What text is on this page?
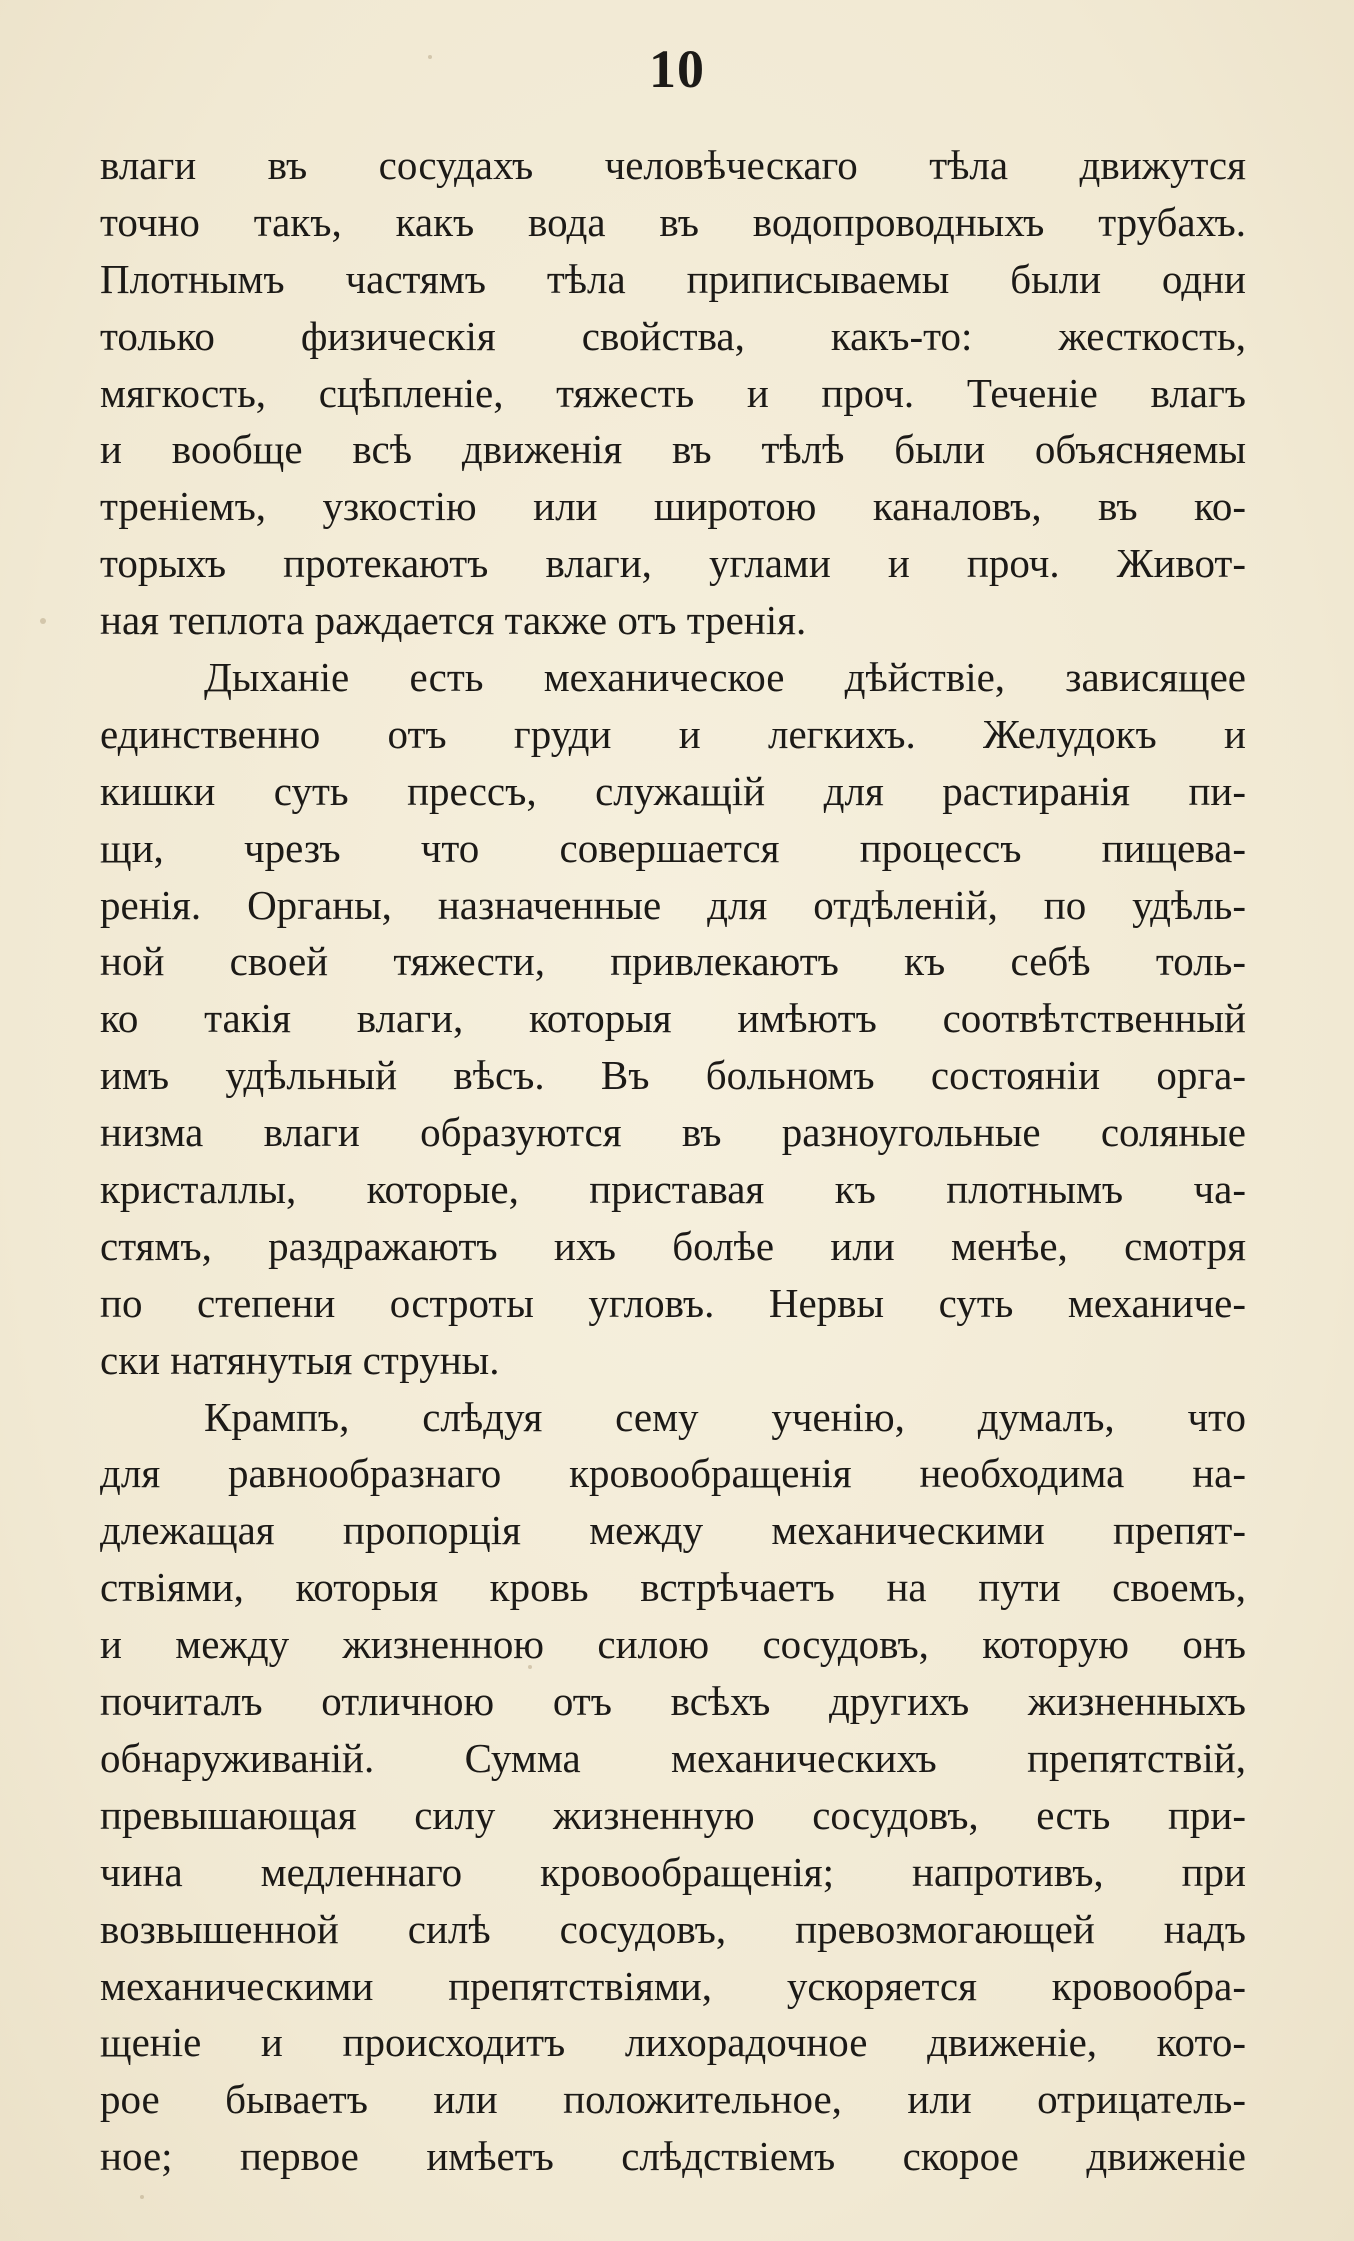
10
влаги въ сосудахъ человѣческаго тѣла движутся
точно такъ, какъ вода въ водопроводныхъ трубахъ.
Плотнымъ частямъ тѣла приписываемы были одни
только физическія свойства, какъ-то: жесткость,
мягкость, сцѣпленіе, тяжесть и проч. Теченіе влагъ
и вообще всѣ движенія въ тѣлѣ были объясняемы
треніемъ, узкостію или широтою каналовъ, въ ко-
торыхъ протекаютъ влаги, углами и проч. Живот-
ная теплота раждается также отъ тренія.
Дыханіе есть механическое дѣйствіе, зависящее
единственно отъ груди и легкихъ. Желудокъ и
кишки суть прессъ, служащій для растиранія пи-
щи, чрезъ что совершается процессъ пищева-
ренія. Органы, назначенные для отдѣленій, по удѣль-
ной своей тяжести, привлекаютъ къ себѣ толь-
ко такія влаги, которыя имѣютъ соотвѣтственный
имъ удѣльный вѣсъ. Въ больномъ состояніи орга-
низма влаги образуются въ разноугольные соляные
кристаллы, которые, приставая къ плотнымъ ча-
стямъ, раздражаютъ ихъ болѣе или менѣе, смотря
по степени остроты угловъ. Нервы суть механиче-
ски натянутыя струны.
Крампъ, слѣдуя сему ученію, думалъ, что
для равнообразнаго кровообращенія необходима на-
длежащая пропорція между механическими препят-
ствіями, которыя кровь встрѣчаетъ на пути своемъ,
и между жизненною силою сосудовъ, которую онъ
почиталъ отличною отъ всѣхъ другихъ жизненныхъ
обнаруживаній. Сумма механическихъ препятствій,
превышающая силу жизненную сосудовъ, есть при-
чина медленнаго кровообращенія; напротивъ, при
возвышенной силѣ сосудовъ, превозмогающей надъ
механическими препятствіями, ускоряется кровообра-
щеніе и происходитъ лихорадочное движеніе, кото-
рое бываетъ или положительное, или отрицатель-
ное; первое имѣетъ слѣдствіемъ скорое движеніе
